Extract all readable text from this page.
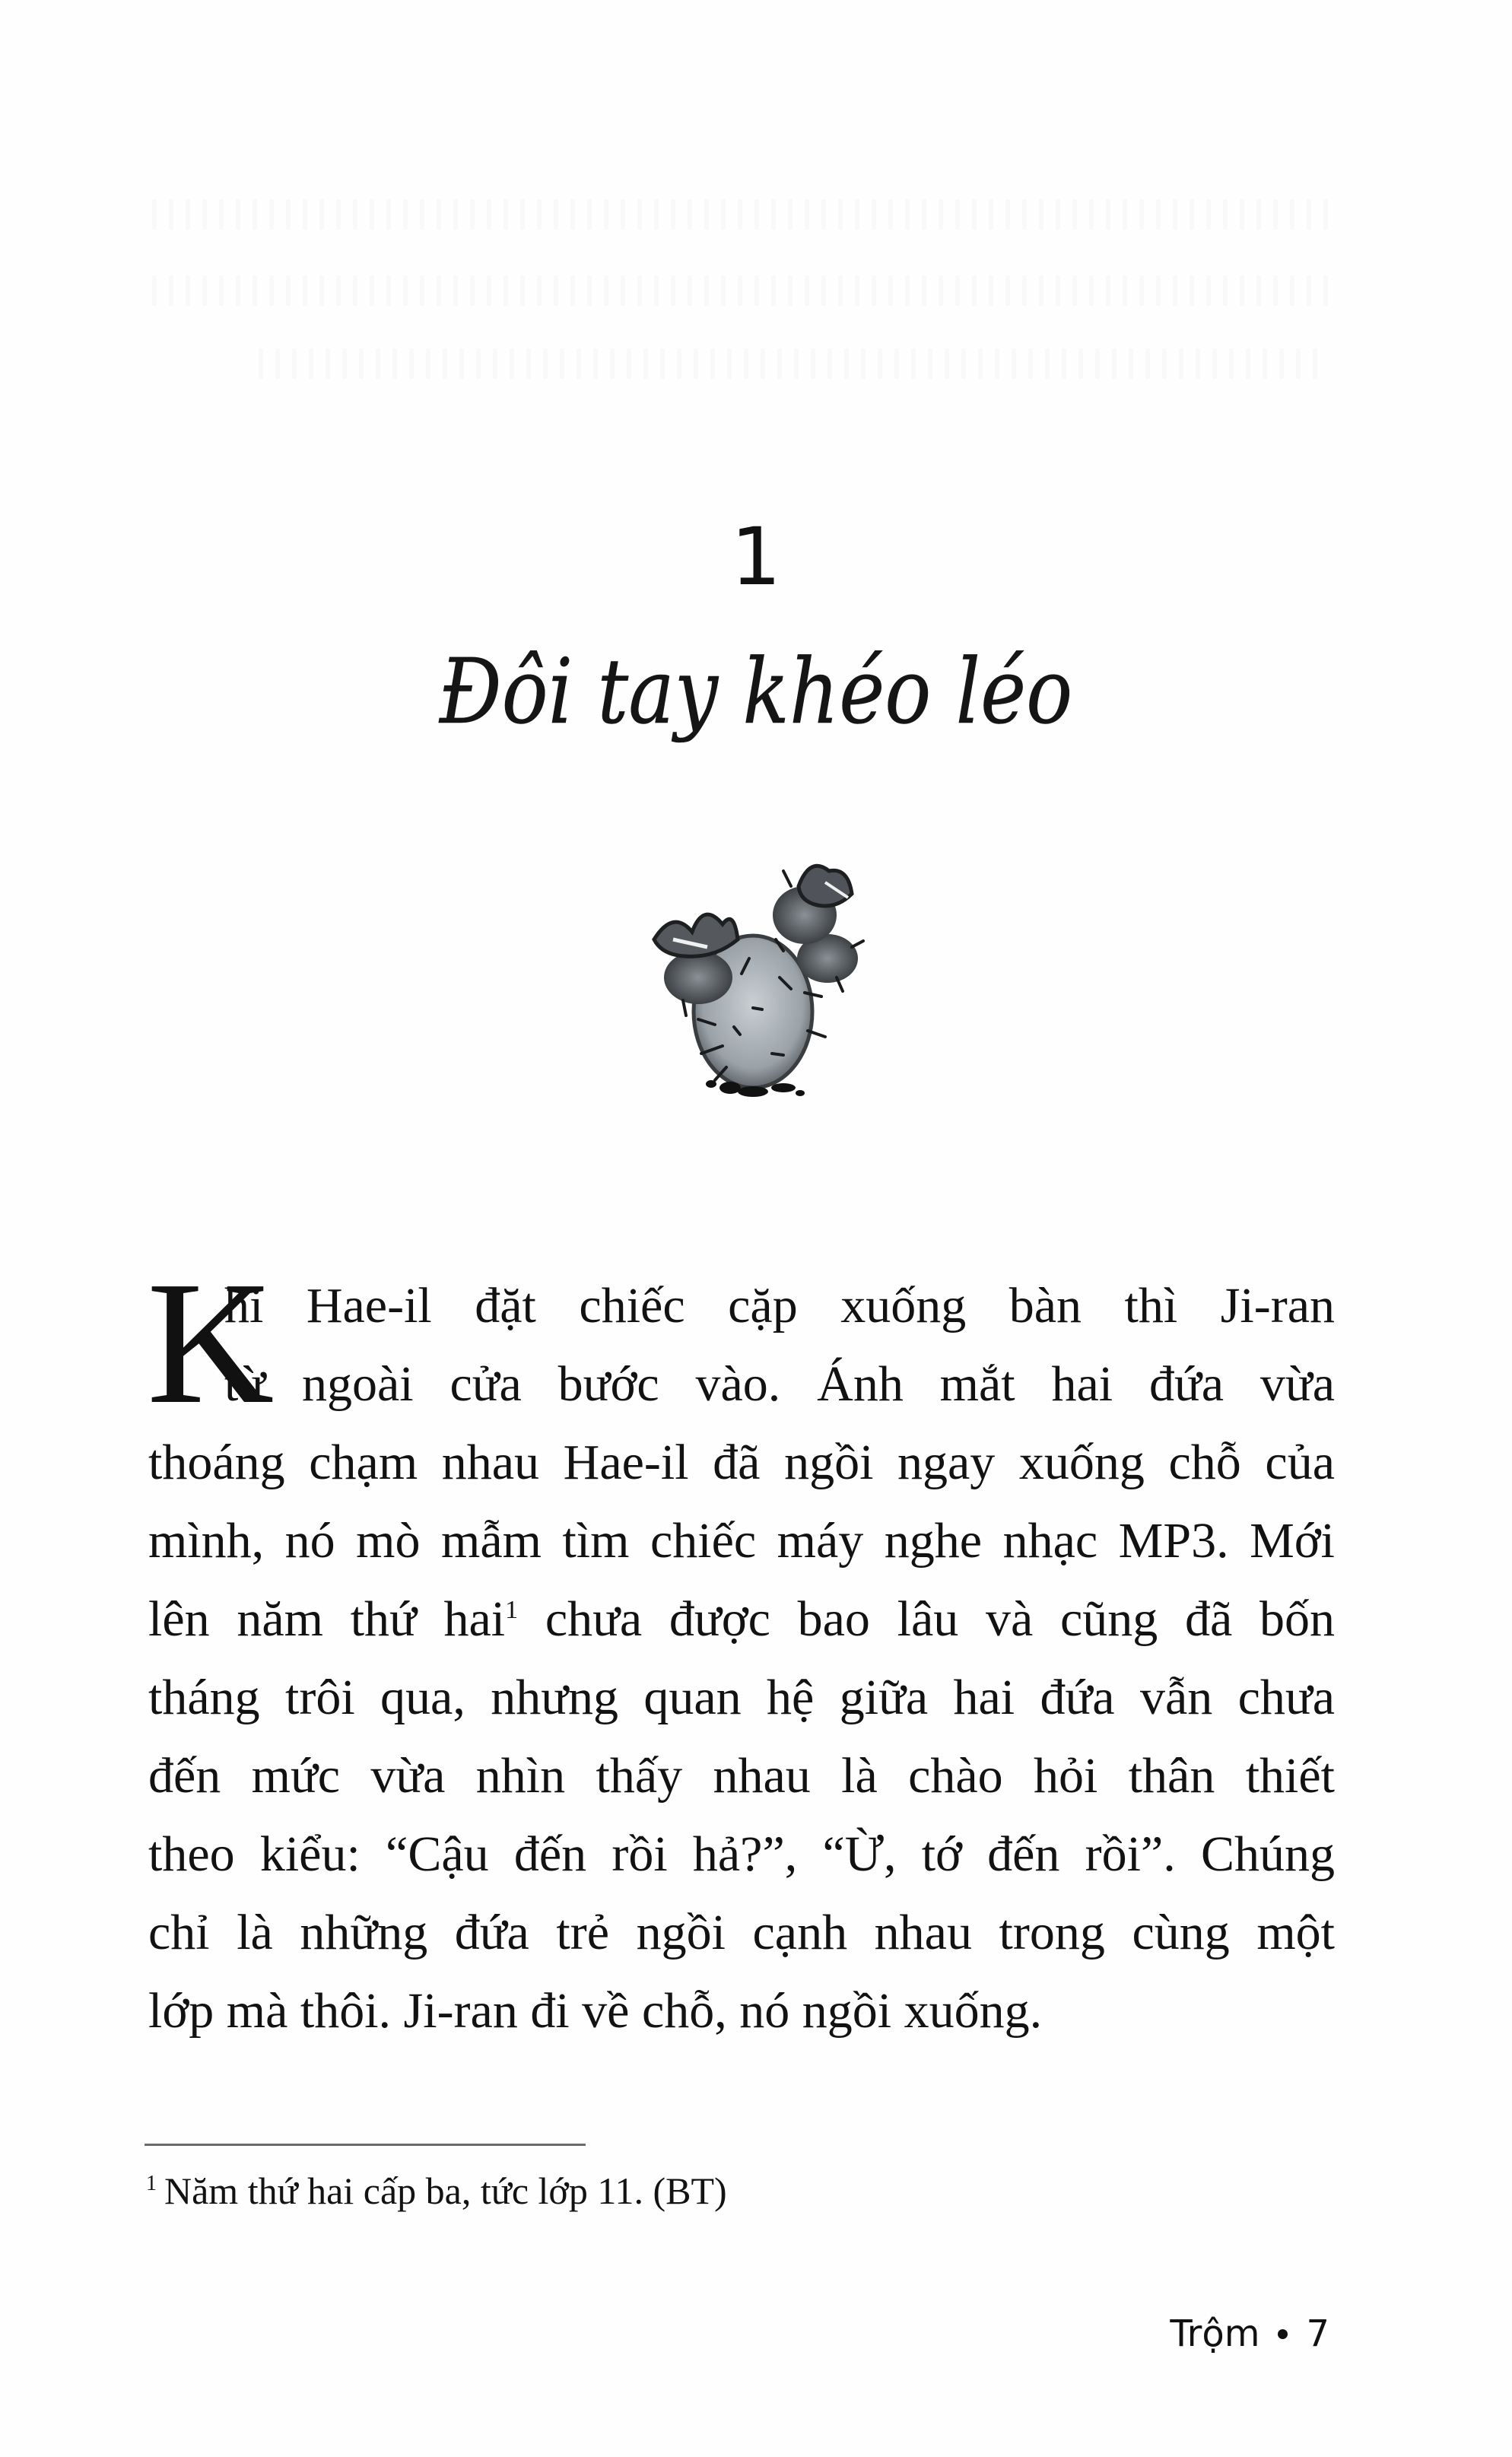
1
Đôi tay khéo léo
K
hi Hae-il đặt chiếc cặp xuống bàn thì Ji-ran
từ ngoài cửa bước vào. Ánh mắt hai đứa vừa
thoáng chạm nhau Hae-il đã ngồi ngay xuống chỗ của
mình, nó mò mẫm tìm chiếc máy nghe nhạc MP3. Mới
lên năm thứ hai$^1$ chưa được bao lâu và cũng đã bốn
tháng trôi qua, nhưng quan hệ giữa hai đứa vẫn chưa
đến mức vừa nhìn thấy nhau là chào hỏi thân thiết
theo kiểu: “Cậu đến rồi hả?”, “Ừ, tớ đến rồi”. Chúng
chỉ là những đứa trẻ ngồi cạnh nhau trong cùng một
lớp mà thôi. Ji-ran đi về chỗ, nó ngồi xuống.
$^1$ Năm thứ hai cấp ba, tức lớp 11. (BT)
Trộm 7
